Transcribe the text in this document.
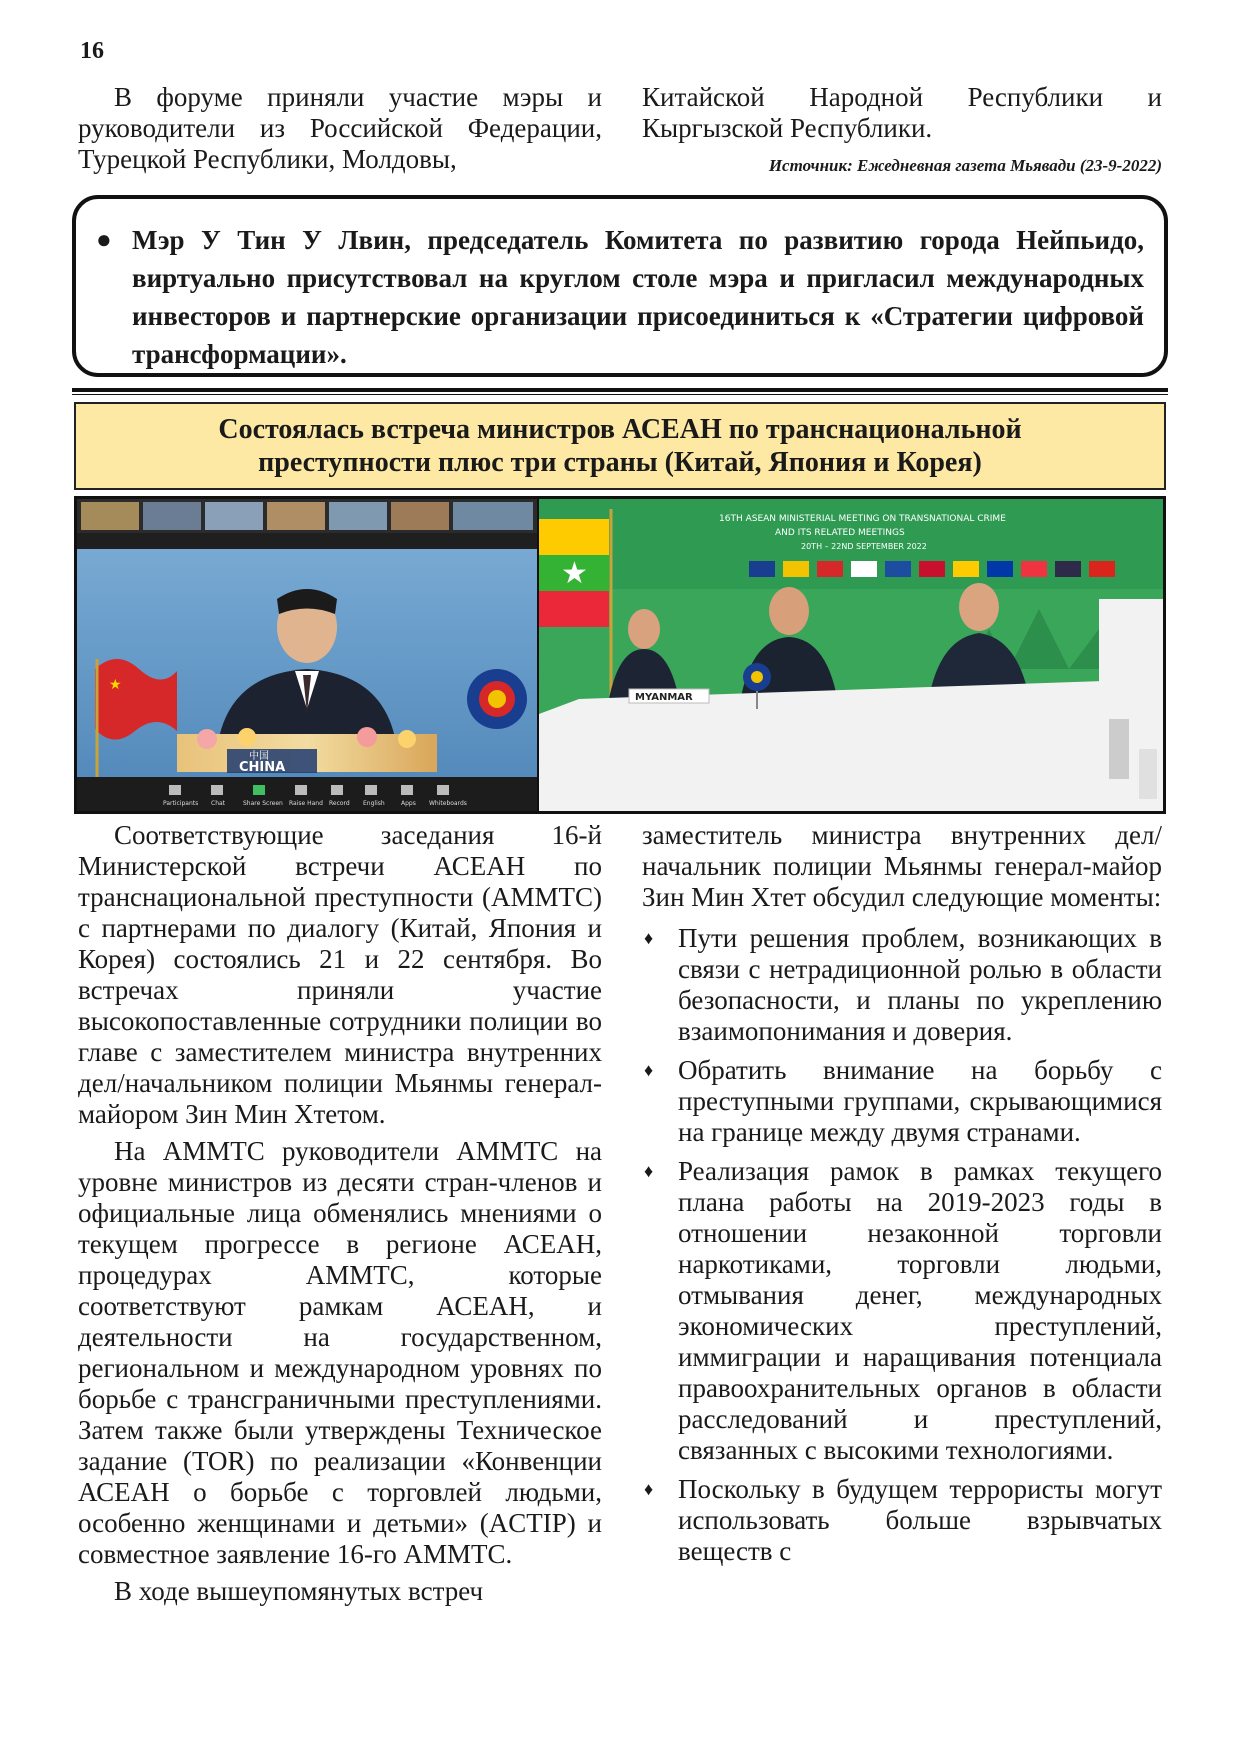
16

В форуме приняли участие мэры и руководители из Российской Федерации, Турецкой Республики, Молдовы,

Китайской Народной Республики и Кыргызской Республики.

Источник: Ежедневная газета Мьявади (23-9-2022)
● Мэр У Тин У Лвин, председатель Комитета по развитию города Нейпьидо, виртуально присутствовал на круглом столе мэра и пригласил международных инвесторов и партнерские организации присоединиться к «Стратегии цифровой трансформации».
Состоялась встреча министров АСЕАН по транснациональной
преступности плюс три страны (Китай, Япония и Корея)
★
中国
CHINA
Participants Chat	Share Screen Raise Hand Record English	Apps Whiteboards
16TH ASEAN MINISTERIAL MEETING ON TRANSNATIONAL CRIME
AND ITS RELATED MEETINGS
20TH – 22ND SEPTEMBER 2022
★
MYANMAR

Соответствующие заседания 16-й Министерской встречи АСЕАН по транснациональной преступности (AMMTC) с партнерами по диалогу (Китай, Япония и Корея) состоялись 21 и 22 сентября. Во встречах приняли участие высокопоставленные сотрудники полиции во главе с заместителем министра внутренних дел/начальником полиции Мьянмы генерал-майором Зин Мин Хтетом.

На AMMTC руководители AMMTC на уровне министров из десяти стран-членов и официальные лица обменялись мнениями о текущем прогрессе в регионе АСЕАН, процедурах AMMTC, которые соответствуют рамкам АСЕАН, и деятельности на государственном, региональном и международном уровнях по борьбе с трансграничными преступлениями. Затем также были утверждены Техническое задание (TOR) по реализации «Конвенции АСЕАН о борьбе с торговлей людьми, особенно женщинами и детьми» (ACTIP) и совместное заявление 16-го AMMTC.

В ходе вышеупомянутых встреч

заместитель министра внутренних дел/ начальник полиции Мьянмы генерал-майор Зин Мин Хтет обсудил следующие моменты:

♦ Пути решения проблем, возникающих в связи с нетрадиционной ролью в области безопасности, и планы по укреплению взаимопонимания и доверия.
♦ Обратить внимание на борьбу с преступными группами, скрывающимися на границе между двумя странами.
♦ Реализация рамок в рамках текущего плана работы на 2019-2023 годы в отношении незаконной торговли наркотиками, торговли людьми, отмывания денег, международных экономических преступлений, иммиграции и наращивания потенциала правоохранительных органов в области расследований и преступлений, связанных с высокими технологиями.
♦ Поскольку в будущем террористы могут использовать больше взрывчатых веществ с
